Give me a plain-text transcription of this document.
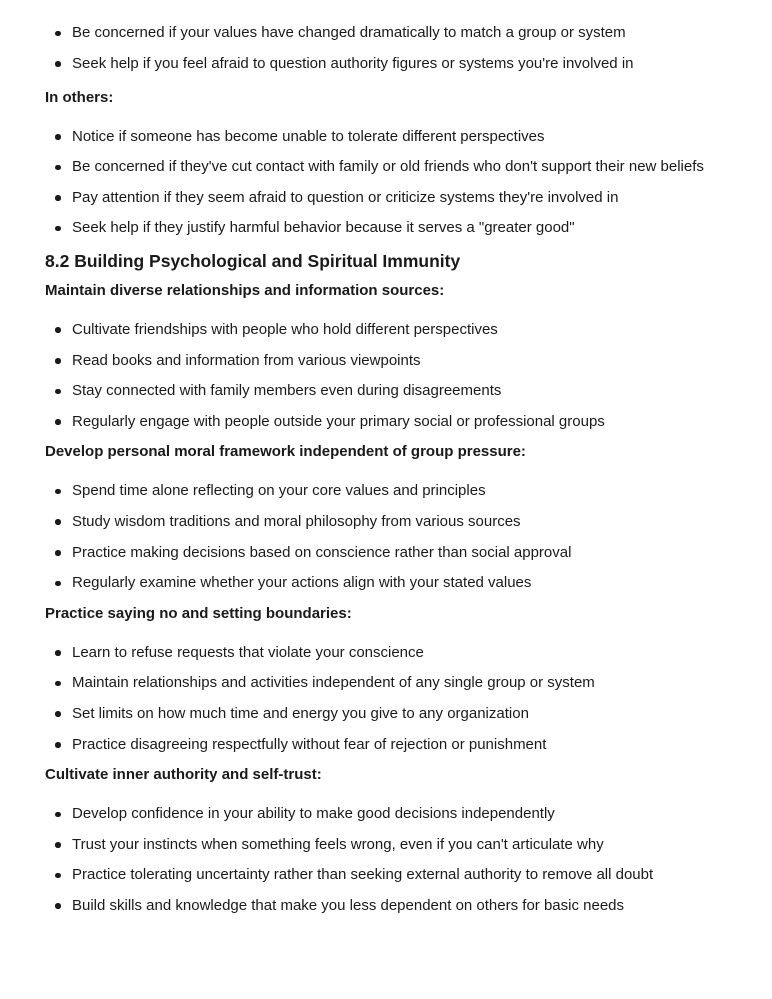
Be concerned if your values have changed dramatically to match a group or system
Seek help if you feel afraid to question authority figures or systems you're involved in
In others:
Notice if someone has become unable to tolerate different perspectives
Be concerned if they've cut contact with family or old friends who don't support their new beliefs
Pay attention if they seem afraid to question or criticize systems they're involved in
Seek help if they justify harmful behavior because it serves a "greater good"
8.2 Building Psychological and Spiritual Immunity
Maintain diverse relationships and information sources:
Cultivate friendships with people who hold different perspectives
Read books and information from various viewpoints
Stay connected with family members even during disagreements
Regularly engage with people outside your primary social or professional groups
Develop personal moral framework independent of group pressure:
Spend time alone reflecting on your core values and principles
Study wisdom traditions and moral philosophy from various sources
Practice making decisions based on conscience rather than social approval
Regularly examine whether your actions align with your stated values
Practice saying no and setting boundaries:
Learn to refuse requests that violate your conscience
Maintain relationships and activities independent of any single group or system
Set limits on how much time and energy you give to any organization
Practice disagreeing respectfully without fear of rejection or punishment
Cultivate inner authority and self-trust:
Develop confidence in your ability to make good decisions independently
Trust your instincts when something feels wrong, even if you can't articulate why
Practice tolerating uncertainty rather than seeking external authority to remove all doubt
Build skills and knowledge that make you less dependent on others for basic needs
